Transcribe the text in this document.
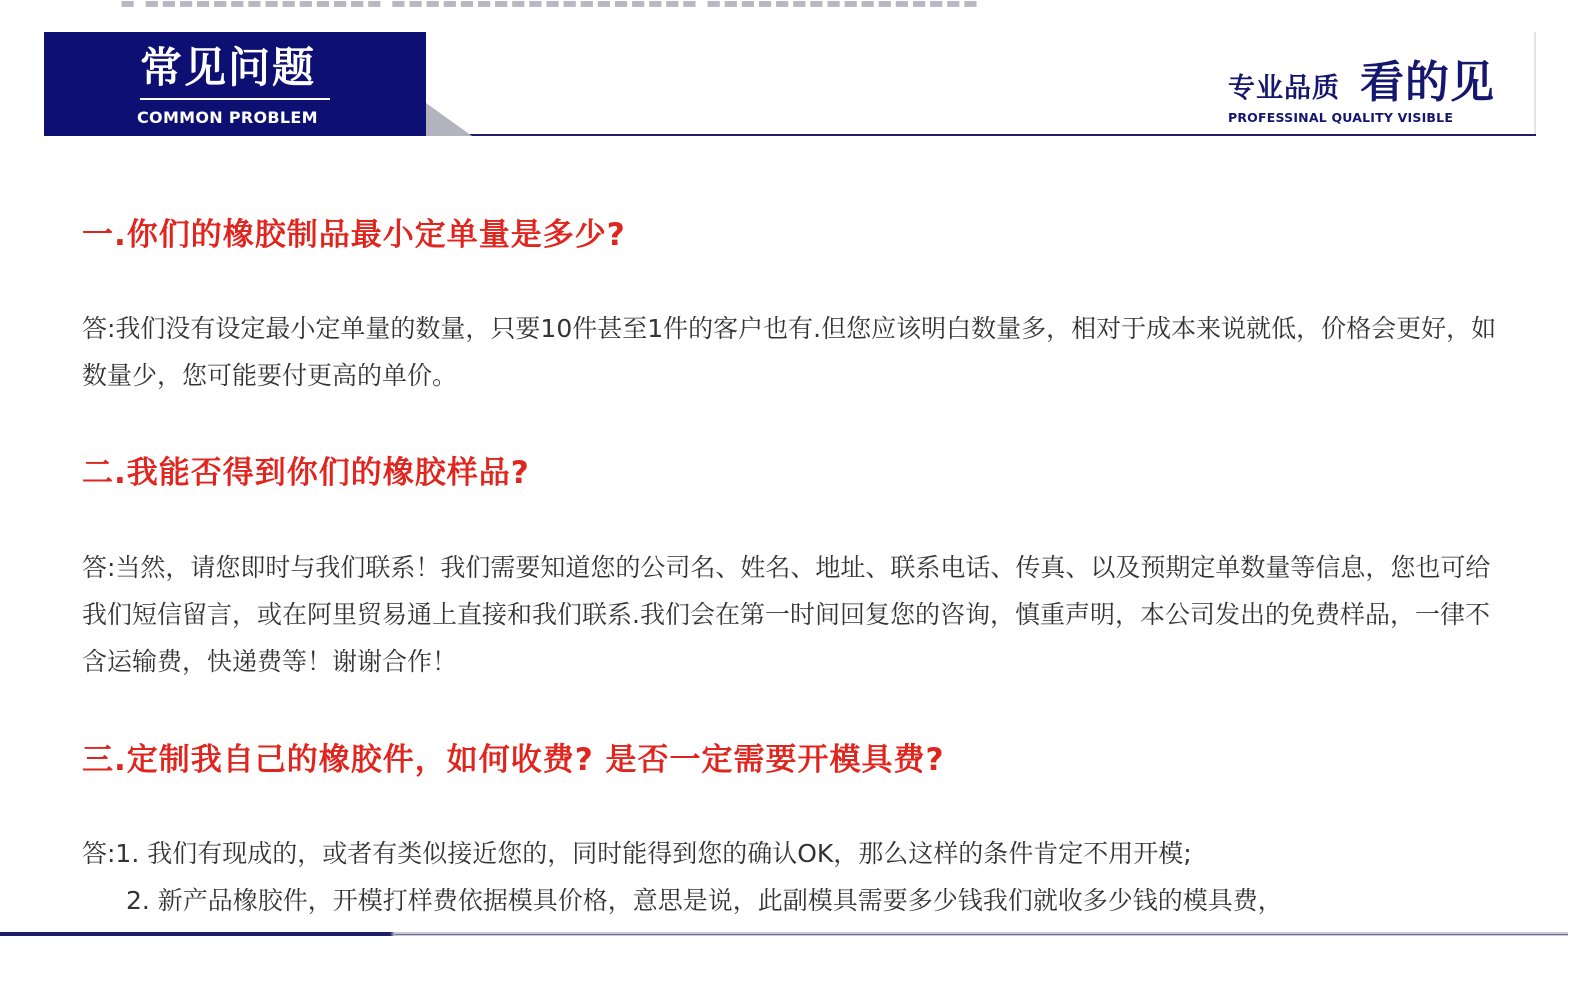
▬ ▬▬▬▬▬▬▬▬▬▬▬▬▬▬ ▬▬▬▬▬▬▬▬▬▬▬▬▬▬▬▬▬▬ ▬▬▬▬▬▬▬▬▬▬▬▬▬▬▬▬
常见问题
COMMON PROBLEM
专业品质 看的见
PROFESSINAL QUALITY VISIBLE
一.你们的橡胶制品最小定单量是多少?

答:我们没有设定最小定单量的数量，只要10件甚至1件的客户也有.但您应该明白数量多，相对于成本来说就低，价格会更好，如数量少，您可能要付更高的单价。

二.我能否得到你们的橡胶样品?

答:当然，请您即时与我们联系！我们需要知道您的公司名、姓名、地址、联系电话、传真、以及预期定单数量等信息，您也可给我们短信留言，或在阿里贸易通上直接和我们联系.我们会在第一时间回复您的咨询，慎重声明，本公司发出的免费样品，一律不含运输费，快递费等！谢谢合作！

三.定制我自己的橡胶件，如何收费? 是否一定需要开模具费?
答:1. 我们有现成的，或者有类似接近您的，同时能得到您的确认OK，那么这样的条件肯定不用开模;
2. 新产品橡胶件，开模打样费依据模具价格，意思是说，此副模具需要多少钱我们就收多少钱的模具费，
